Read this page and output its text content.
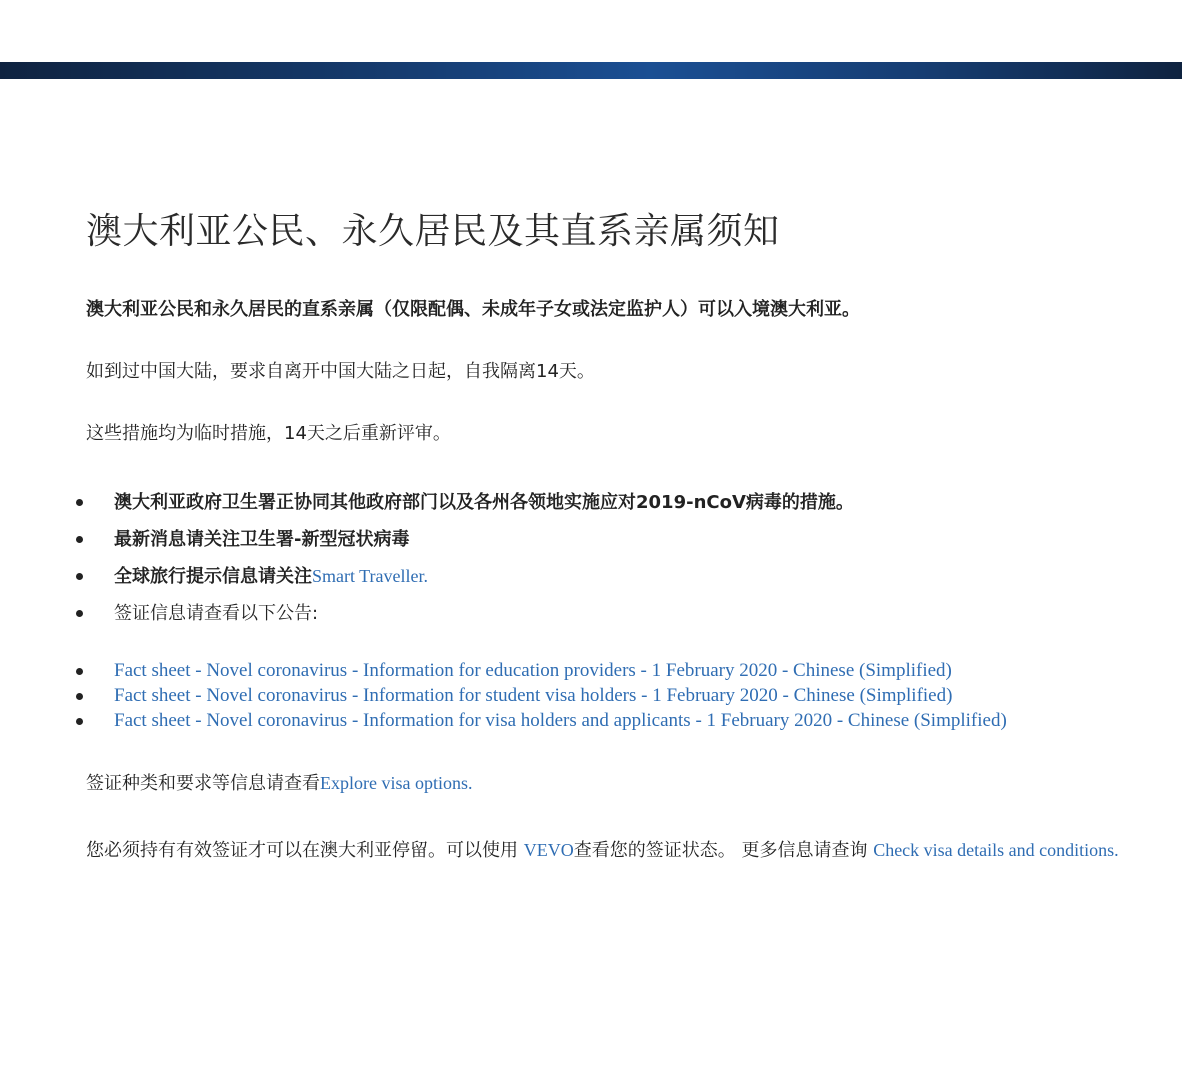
澳大利亚公民、永久居民及其直系亲属须知

澳大利亚公民和永久居民的直系亲属（仅限配偶、未成年子女或法定监护人）可以入境澳大利亚。

如到过中国大陆，要求自离开中国大陆之日起，自我隔离14天。

这些措施均为临时措施，14天之后重新评审。

澳大利亚政府卫生署正协同其他政府部门以及各州各领地实施应对2019-nCoV病毒的措施。
最新消息请关注卫生署-新型冠状病毒
全球旅行提示信息请关注Smart Traveller.
签证信息请查看以下公告:
Fact sheet - Novel coronavirus - Information for education providers - 1 February 2020 - Chinese (Simplified)
Fact sheet - Novel coronavirus - Information for student visa holders - 1 February 2020 - Chinese (Simplified)
Fact sheet - Novel coronavirus - Information for visa holders and applicants - 1 February 2020 - Chinese (Simplified)

签证种类和要求等信息请查看Explore visa options.

您必须持有有效签证才可以在澳大利亚停留。可以使用 VEVO查看您的签证状态。 更多信息请查询 Check visa details and conditions.
